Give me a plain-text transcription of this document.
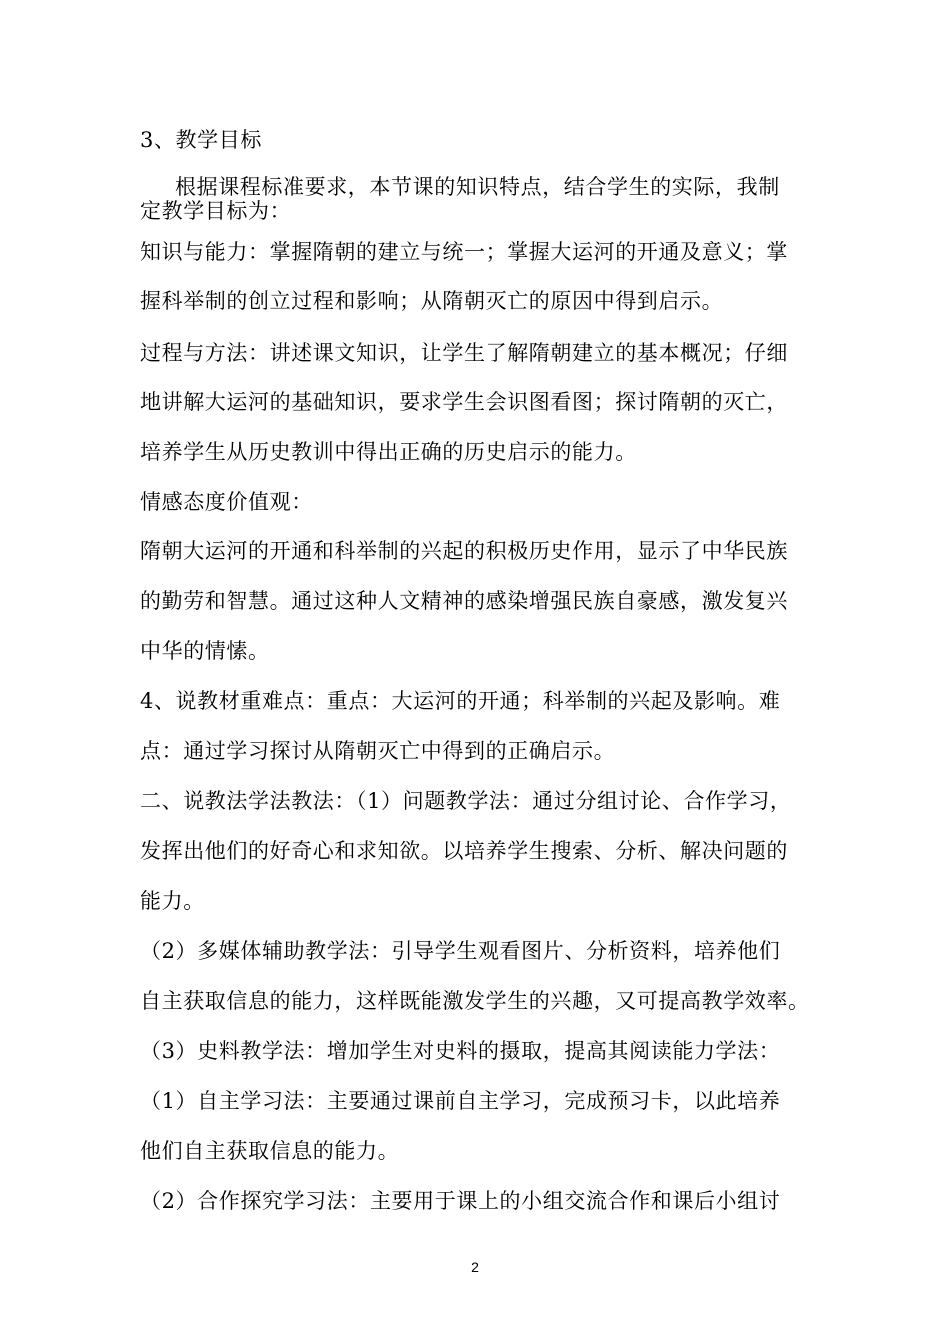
3、教学目标
根据课程标准要求，本节课的知识特点，结合学生的实际，我制
定教学目标为：
知识与能力：掌握隋朝的建立与统一；掌握大运河的开通及意义；掌
握科举制的创立过程和影响；从隋朝灭亡的原因中得到启示。
过程与方法：讲述课文知识，让学生了解隋朝建立的基本概况；仔细
地讲解大运河的基础知识，要求学生会识图看图；探讨隋朝的灭亡，
培养学生从历史教训中得出正确的历史启示的能力。
情感态度价值观：
隋朝大运河的开通和科举制的兴起的积极历史作用，显示了中华民族
的勤劳和智慧。通过这种人文精神的感染增强民族自豪感，激发复兴
中华的情愫。
4、说教材重难点：重点：大运河的开通；科举制的兴起及影响。难
点：通过学习探讨从隋朝灭亡中得到的正确启示。
二、说教法学法教法：（1）问题教学法：通过分组讨论、合作学习，
发挥出他们的好奇心和求知欲。以培养学生搜索、分析、解决问题的
能力。
（2）多媒体辅助教学法：引导学生观看图片、分析资料，培养他们
自主获取信息的能力，这样既能激发学生的兴趣，又可提高教学效率。
（3）史料教学法：增加学生对史料的摄取，提高其阅读能力学法：
（1）自主学习法：主要通过课前自主学习，完成预习卡，以此培养
他们自主获取信息的能力。
（2）合作探究学习法：主要用于课上的小组交流合作和课后小组讨
2
